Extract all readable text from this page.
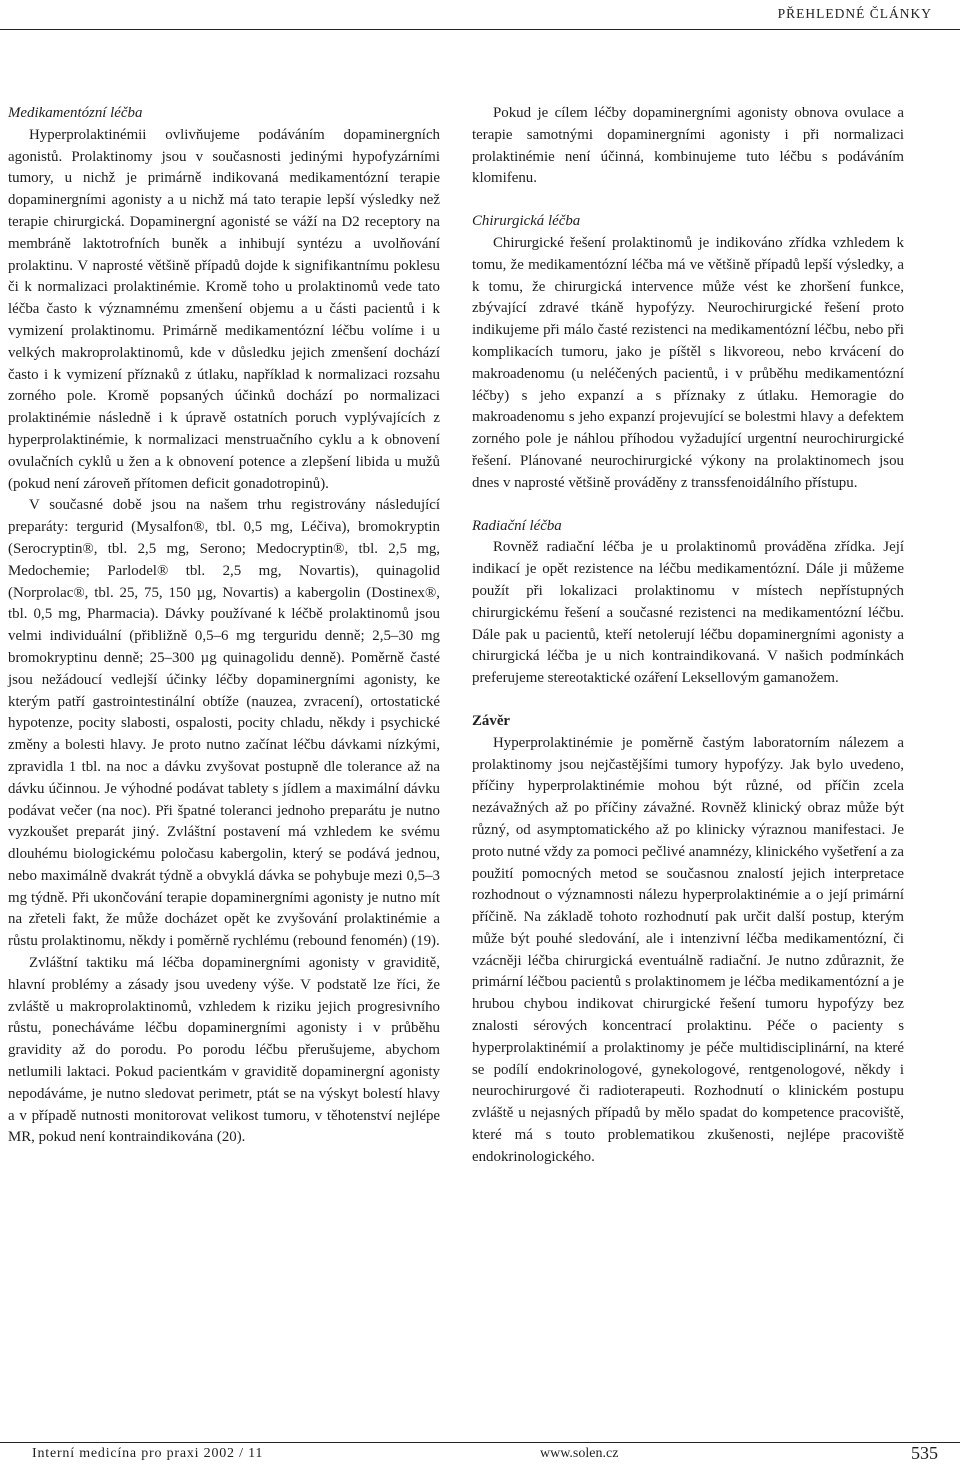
PŘEHLEDNÉ ČLÁNKY
Medikamentózní léčba

Hyperprolaktinémii ovlivňujeme podáváním dopaminergních agonistů. Prolaktinomy jsou v současnosti jedinými hypofyzárními tumory, u nichž je primárně indikovaná medikamentózní terapie dopaminergními agonisty a u nichž má tato terapie lepší výsledky než terapie chirurgická. Dopaminergní agonisté se váží na D2 receptory na membráně laktotrofních buněk a inhibují syntézu a uvolňování prolaktinu. V naprosté většině případů dojde k signifikantnímu poklesu či k normalizaci prolaktinémie. Kromě toho u prolaktinomů vede tato léčba často k významnému zmenšení objemu a u části pacientů i k vymizení prolaktinomu. Primárně medikamentózní léčbu volíme i u velkých makroprolaktinomů, kde v důsledku jejich zmenšení dochází často i k vymizení příznaků z útlaku, například k normalizaci rozsahu zorného pole. Kromě popsaných účinků dochází po normalizaci prolaktinémie následně i k úpravě ostatních poruch vyplývajících z hyperprolaktinémie, k normalizaci menstruačního cyklu a k obnovení ovulačních cyklů u žen a k obnovení potence a zlepšení libida u mužů (pokud není zároveň přítomen deficit gonadotropinů).

V současné době jsou na našem trhu registrovány následující preparáty: tergurid (Mysalfon®, tbl. 0,5 mg, Léčiva), bromokryptin (Serocryptin®, tbl. 2,5 mg, Serono; Medocryptin®, tbl. 2,5 mg, Medochemie; Parlodel® tbl. 2,5 mg, Novartis), quinagolid (Norprolac®, tbl. 25, 75, 150 µg, Novartis) a kabergolin (Dostinex®, tbl. 0,5 mg, Pharmacia). Dávky používané k léčbě prolaktinomů jsou velmi individuální (přibližně 0,5–6 mg terguridu denně; 2,5–30 mg bromokryptinu denně; 25–300 µg quinagolidu denně). Poměrně časté jsou nežádoucí vedlejší účinky léčby dopaminergními agonisty, ke kterým patří gastrointestinální obtíže (nauzea, zvracení), ortostatické hypotenze, pocity slabosti, ospalosti, pocity chladu, někdy i psychické změny a bolesti hlavy. Je proto nutno začínat léčbu dávkami nízkými, zpravidla 1 tbl. na noc a dávku zvyšovat postupně dle tolerance až na dávku účinnou. Je výhodné podávat tablety s jídlem a maximální dávku podávat večer (na noc). Při špatné toleranci jednoho preparátu je nutno vyzkoušet preparát jiný. Zvláštní postavení má vzhledem ke svému dlouhému biologickému poločasu kabergolin, který se podává jednou, nebo maximálně dvakrát týdně a obvyklá dávka se pohybuje mezi 0,5–3 mg týdně. Při ukončování terapie dopaminergními agonisty je nutno mít na zřeteli fakt, že může docházet opět ke zvyšování prolaktinémie a růstu prolaktinomu, někdy i poměrně rychlému (rebound fenomén) (19).

Zvláštní taktiku má léčba dopaminergními agonisty v graviditě, hlavní problémy a zásady jsou uvedeny výše. V podstatě lze říci, že zvláště u makroprolaktinomů, vzhledem k riziku jejich progresivního růstu, ponecháváme léčbu dopaminergními agonisty i v průběhu gravidity až do porodu. Po porodu léčbu přerušujeme, abychom netlumili laktaci. Pokud pacientkám v graviditě dopaminergní agonisty nepodáváme, je nutno sledovat perimetr, ptát se na výskyt bolestí hlavy a v případě nutnosti monitorovat velikost tumoru, v těhotenství nejlépe MR, pokud není kontraindikována (20).

Pokud je cílem léčby dopaminergními agonisty obnova ovulace a terapie samotnými dopaminergními agonisty i při normalizaci prolaktinémie není účinná, kombinujeme tuto léčbu s podáváním klomifenu.

Chirurgická léčba

Chirurgické řešení prolaktinomů je indikováno zřídka vzhledem k tomu, že medikamentózní léčba má ve většině případů lepší výsledky, a k tomu, že chirurgická intervence může vést ke zhoršení funkce, zbývající zdravé tkáně hypofýzy. Neurochirurgické řešení proto indikujeme při málo časté rezistenci na medikamentózní léčbu, nebo při komplikacích tumoru, jako je píštěl s likvoreou, nebo krvácení do makroadenomu (u neléčených pacientů, i v průběhu medikamentózní léčby) s jeho expanzí a s příznaky z útlaku. Hemoragie do makroadenomu s jeho expanzí projevující se bolestmi hlavy a defektem zorného pole je náhlou příhodou vyžadující urgentní neurochirurgické řešení. Plánované neurochirurgické výkony na prolaktinomech jsou dnes v naprosté většině prováděny z transsfenoidálního přístupu.

Radiační léčba

Rovněž radiační léčba je u prolaktinomů prováděna zřídka. Její indikací je opět rezistence na léčbu medikamentózní. Dále ji můžeme použít při lokalizaci prolaktinomu v místech nepřístupných chirurgickému řešení a současné rezistenci na medikamentózní léčbu. Dále pak u pacientů, kteří netolerují léčbu dopaminergními agonisty a chirurgická léčba je u nich kontraindikovaná. V našich podmínkách preferujeme stereotaktické ozáření Leksellovým gamanožem.

Závěr

Hyperprolaktinémie je poměrně častým laboratorním nálezem a prolaktinomy jsou nejčastějšími tumory hypofýzy. Jak bylo uvedeno, příčiny hyperprolaktinémie mohou být různé, od příčin zcela nezávažných až po příčiny závažné. Rovněž klinický obraz může být různý, od asymptomatického až po klinicky výraznou manifestaci. Je proto nutné vždy za pomoci pečlivé anamnézy, klinického vyšetření a za použití pomocných metod se současnou znalostí jejich interpretace rozhodnout o významnosti nálezu hyperprolaktinémie a o její primární příčině. Na základě tohoto rozhodnutí pak určit další postup, kterým může být pouhé sledování, ale i intenzivní léčba medikamentózní, či vzácněji léčba chirurgická eventuálně radiační. Je nutno zdůraznit, že primární léčbou pacientů s prolaktinomem je léčba medikamentózní a je hrubou chybou indikovat chirurgické řešení tumoru hypofýzy bez znalosti sérových koncentrací prolaktinu. Péče o pacienty s hyperprolaktinémií a prolaktinomy je péče multidisciplinární, na které se podílí endokrinologové, gynekologové, rentgenologové, někdy i neurochirurgové či radioterapeuti. Rozhodnutí o klinickém postupu zvláště u nejasných případů by mělo spadat do kompetence pracoviště, které má s touto problematikou zkušenosti, nejlépe pracoviště endokrinologického.

Interní medicína pro praxi 2002 / 11	www.solen.cz	535
